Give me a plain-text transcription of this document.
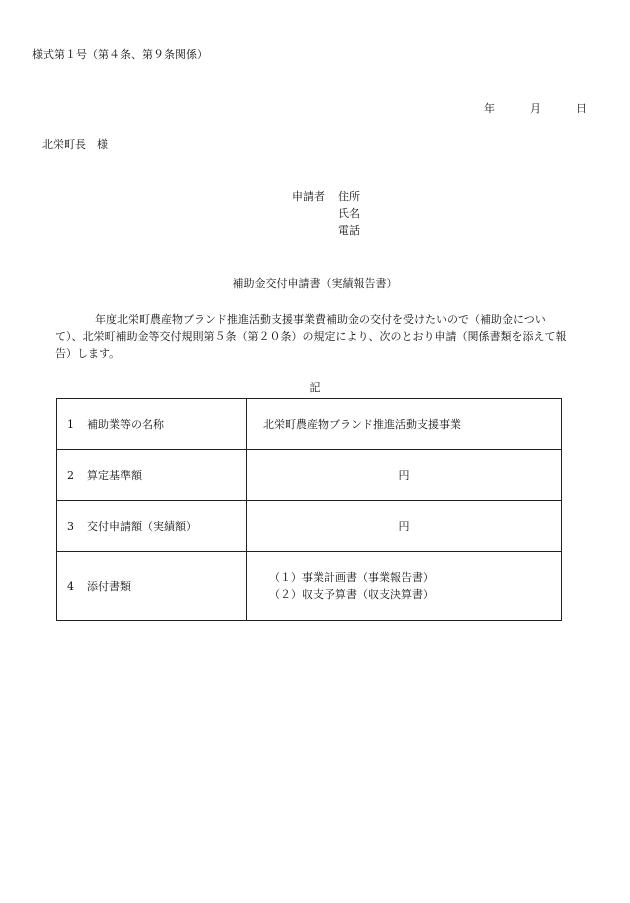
様式第１号（第４条、第９条関係）
年	月	日
北栄町長　様
申請者 住所
氏名
電話
補助金交付申請書（実績報告書）
年度北栄町農産物ブランド推進活動支援事業費補助金の交付を受けたいので（補助金について）、北栄町補助金等交付規則第５条（第２０条）の規定により、次のとおり申請（関係書類を添えて報告）します。
記
1 補助業等の名称	北栄町農産物ブランド推進活動支援事業
2 算定基準額	円
3 交付申請額（実績額）	円
4 添付書類	（１）事業計画書（事業報告書）
（２）収支予算書（収支決算書）
